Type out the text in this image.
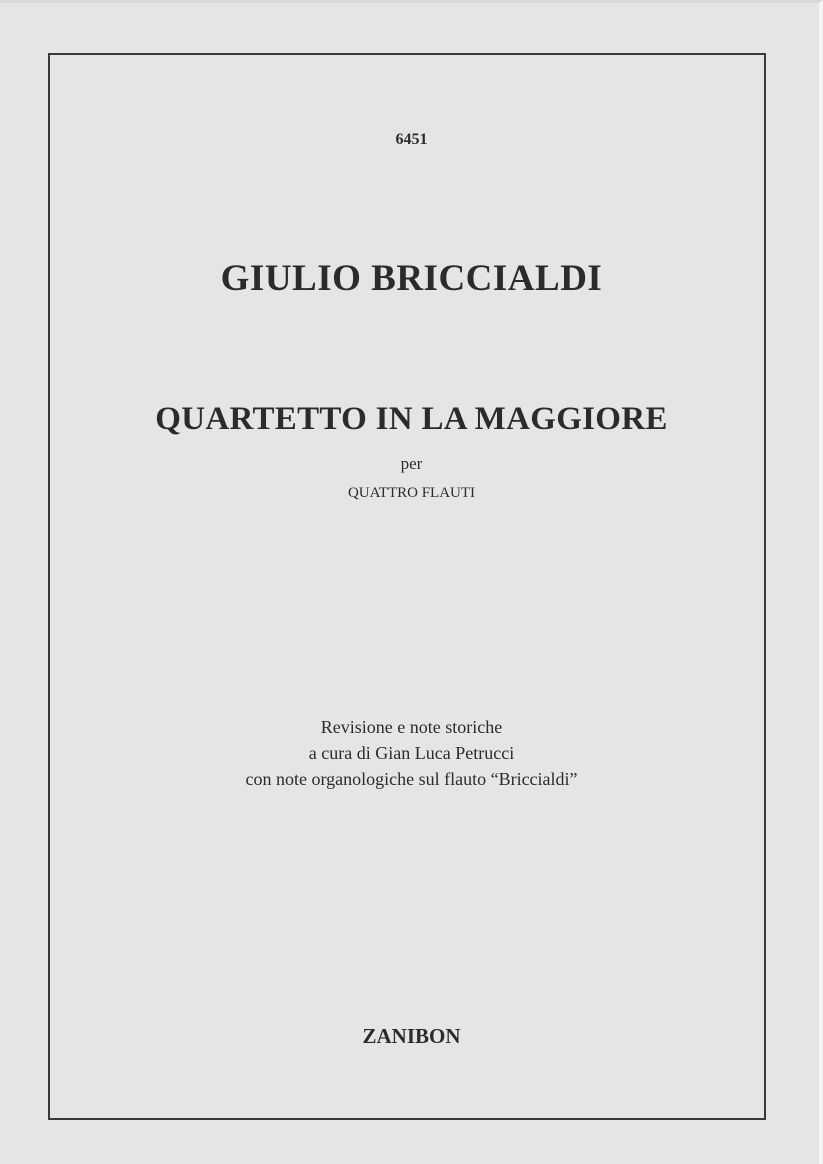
6451
GIULIO BRICCIALDI
QUARTETTO IN LA MAGGIORE
per
QUATTRO FLAUTI
Revisione e note storiche
a cura di Gian Luca Petrucci
con note organologiche sul flauto “Briccialdi”
ZANIBON
